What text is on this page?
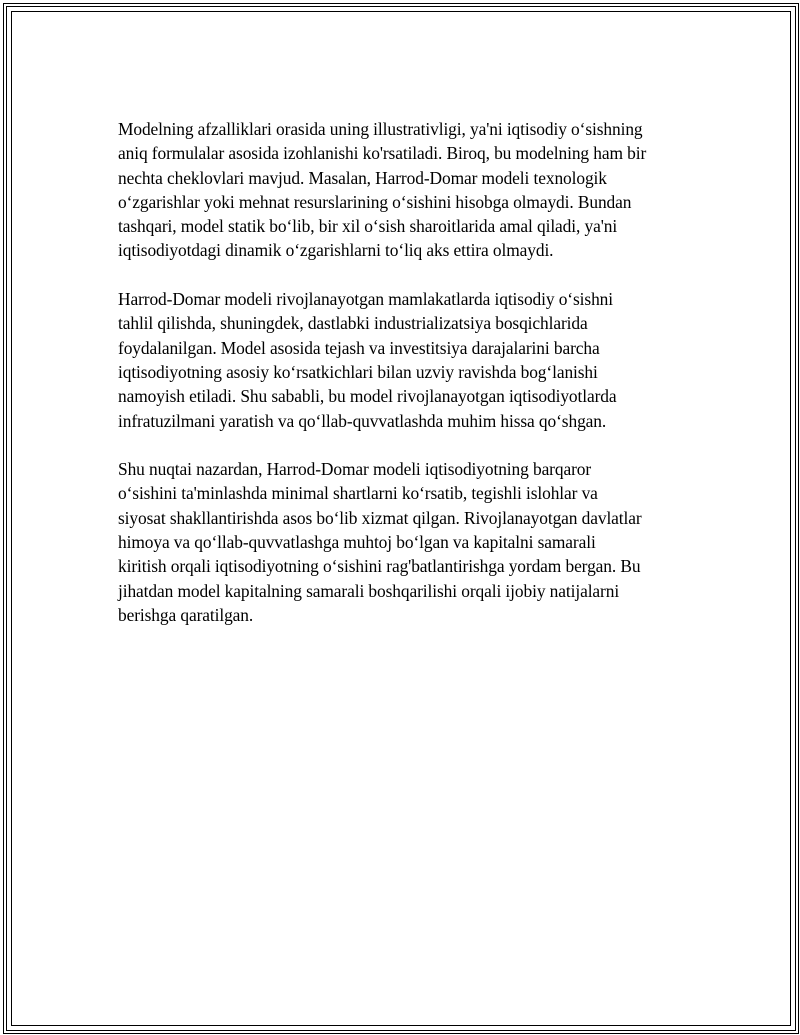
Modelning afzalliklari orasida uning illustrativligi, ya'ni iqtisodiy o‘sishning
aniq formulalar asosida izohlanishi ko'rsatiladi. Biroq, bu modelning ham bir
nechta cheklovlari mavjud. Masalan, Harrod-Domar modeli texnologik
o‘zgarishlar yoki mehnat resurslarining o‘sishini hisobga olmaydi. Bundan
tashqari, model statik bo‘lib, bir xil o‘sish sharoitlarida amal qiladi, ya'ni
iqtisodiyotdagi dinamik o‘zgarishlarni to‘liq aks ettira olmaydi.

Harrod-Domar modeli rivojlanayotgan mamlakatlarda iqtisodiy o‘sishni
tahlil qilishda, shuningdek, dastlabki industrializatsiya bosqichlarida
foydalanilgan. Model asosida tejash va investitsiya darajalarini barcha
iqtisodiyotning asosiy ko‘rsatkichlari bilan uzviy ravishda bog‘lanishi
namoyish etiladi. Shu sababli, bu model rivojlanayotgan iqtisodiyotlarda
infratuzilmani yaratish va qo‘llab-quvvatlashda muhim hissa qo‘shgan.

Shu nuqtai nazardan, Harrod-Domar modeli iqtisodiyotning barqaror
o‘sishini ta'minlashda minimal shartlarni ko‘rsatib, tegishli islohlar va
siyosat shakllantirishda asos bo‘lib xizmat qilgan. Rivojlanayotgan davlatlar
himoya va qo‘llab-quvvatlashga muhtoj bo‘lgan va kapitalni samarali
kiritish orqali iqtisodiyotning o‘sishini rag'batlantirishga yordam bergan. Bu
jihatdan model kapitalning samarali boshqarilishi orqali ijobiy natijalarni
berishga qaratilgan.
